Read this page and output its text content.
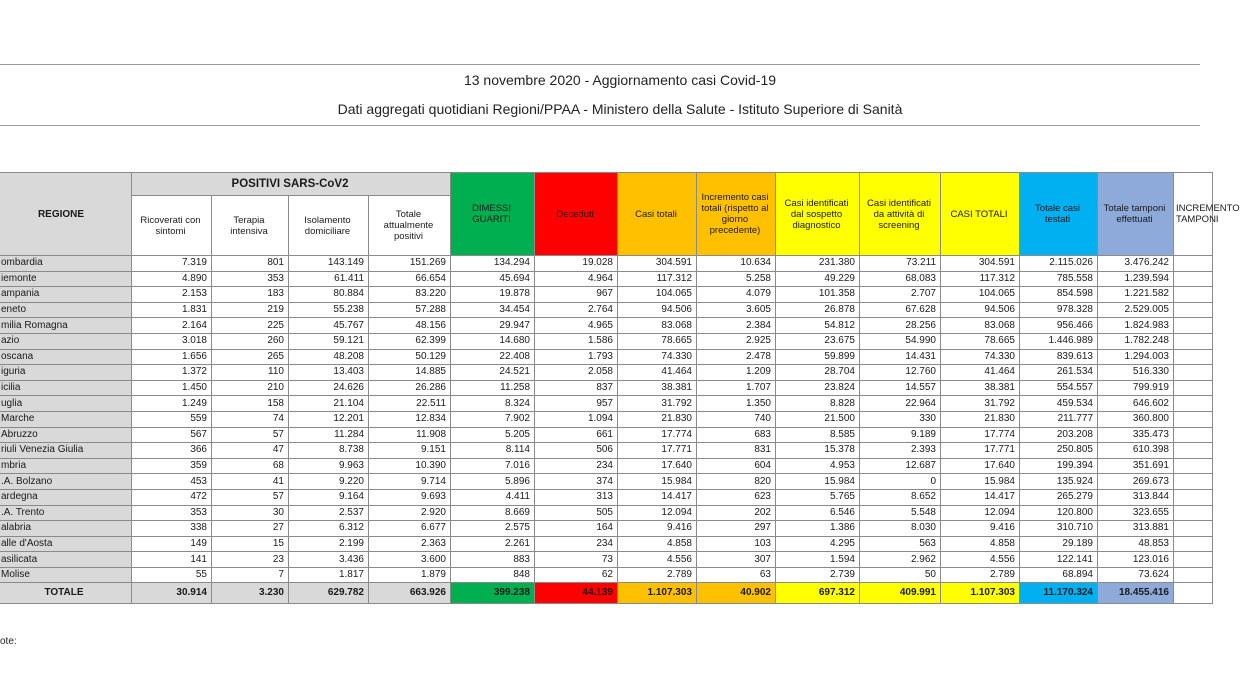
13 novembre 2020 - Aggiornamento casi Covid-19
Dati aggregati quotidiani Regioni/PPAA - Ministero della Salute - Istituto Superiore di Sanità
REGIONE	POSITIVI SARS-CoV2				DIMESSI GUARITI	Deceduti	Casi totali	Incremento casi totali (rispetto al giorno precedente)	Casi identificati dal sospetto diagnostico	Casi identificati da attività di screening	CASI TOTALI	Totale casi testati	Totale tamponi effettuati	INCREMENTO TAMPONI
	Ricoverati con sintomi	Terapia intensiva	Isolamento domiciliare	Totale attualmente positivi										
ombardia	7.319	801	143.149	151.269	134.294	19.028	304.591	10.634	231.380	73.211	304.591	2.115.026	3.476.242	
iemonte	4.890	353	61.411	66.654	45.694	4.964	117.312	5.258	49.229	68.083	117.312	785.558	1.239.594	
ampania	2.153	183	80.884	83.220	19.878	967	104.065	4.079	101.358	2.707	104.065	854.598	1.221.582	
eneto	1.831	219	55.238	57.288	34.454	2.764	94.506	3.605	26.878	67.628	94.506	978.328	2.529.005	
milia Romagna	2.164	225	45.767	48.156	29.947	4.965	83.068	2.384	54.812	28.256	83.068	956.466	1.824.983	
azio	3.018	260	59.121	62.399	14.680	1.586	78.665	2.925	23.675	54.990	78.665	1.446.989	1.782.248	
oscana	1.656	265	48.208	50.129	22.408	1.793	74.330	2.478	59.899	14.431	74.330	839.613	1.294.003	
iguria	1.372	110	13.403	14.885	24.521	2.058	41.464	1.209	28.704	12.760	41.464	261.534	516.330	
icilia	1.450	210	24.626	26.286	11.258	837	38.381	1.707	23.824	14.557	38.381	554.557	799.919	
uglia	1.249	158	21.104	22.511	8.324	957	31.792	1.350	8.828	22.964	31.792	459.534	646.602	
Marche	559	74	12.201	12.834	7.902	1.094	21.830	740	21.500	330	21.830	211.777	360.800	
Abruzzo	567	57	11.284	11.908	5.205	661	17.774	683	8.585	9.189	17.774	203.208	335.473	
riuli Venezia Giulia	366	47	8.738	9.151	8.114	506	17.771	831	15.378	2.393	17.771	250.805	610.398	
mbria	359	68	9.963	10.390	7.016	234	17.640	604	4.953	12.687	17.640	199.394	351.691	
.A. Bolzano	453	41	9.220	9.714	5.896	374	15.984	820	15.984	0	15.984	135.924	269.673	
ardegna	472	57	9.164	9.693	4.411	313	14.417	623	5.765	8.652	14.417	265.279	313.844	
.A. Trento	353	30	2.537	2.920	8.669	505	12.094	202	6.546	5.548	12.094	120.800	323.655	
alabria	338	27	6.312	6.677	2.575	164	9.416	297	1.386	8.030	9.416	310.710	313.881	
alle d'Aosta	149	15	2.199	2.363	2.261	234	4.858	103	4.295	563	4.858	29.189	48.853	
asilicata	141	23	3.436	3.600	883	73	4.556	307	1.594	2.962	4.556	122.141	123.016	
Molise	55	7	1.817	1.879	848	62	2.789	63	2.739	50	2.789	68.894	73.624	
TOTALE	30.914	3.230	629.782	663.926	399.238	44.139	1.107.303	40.902	697.312	409.991	1.107.303	11.170.324	18.455.416	
ote:
